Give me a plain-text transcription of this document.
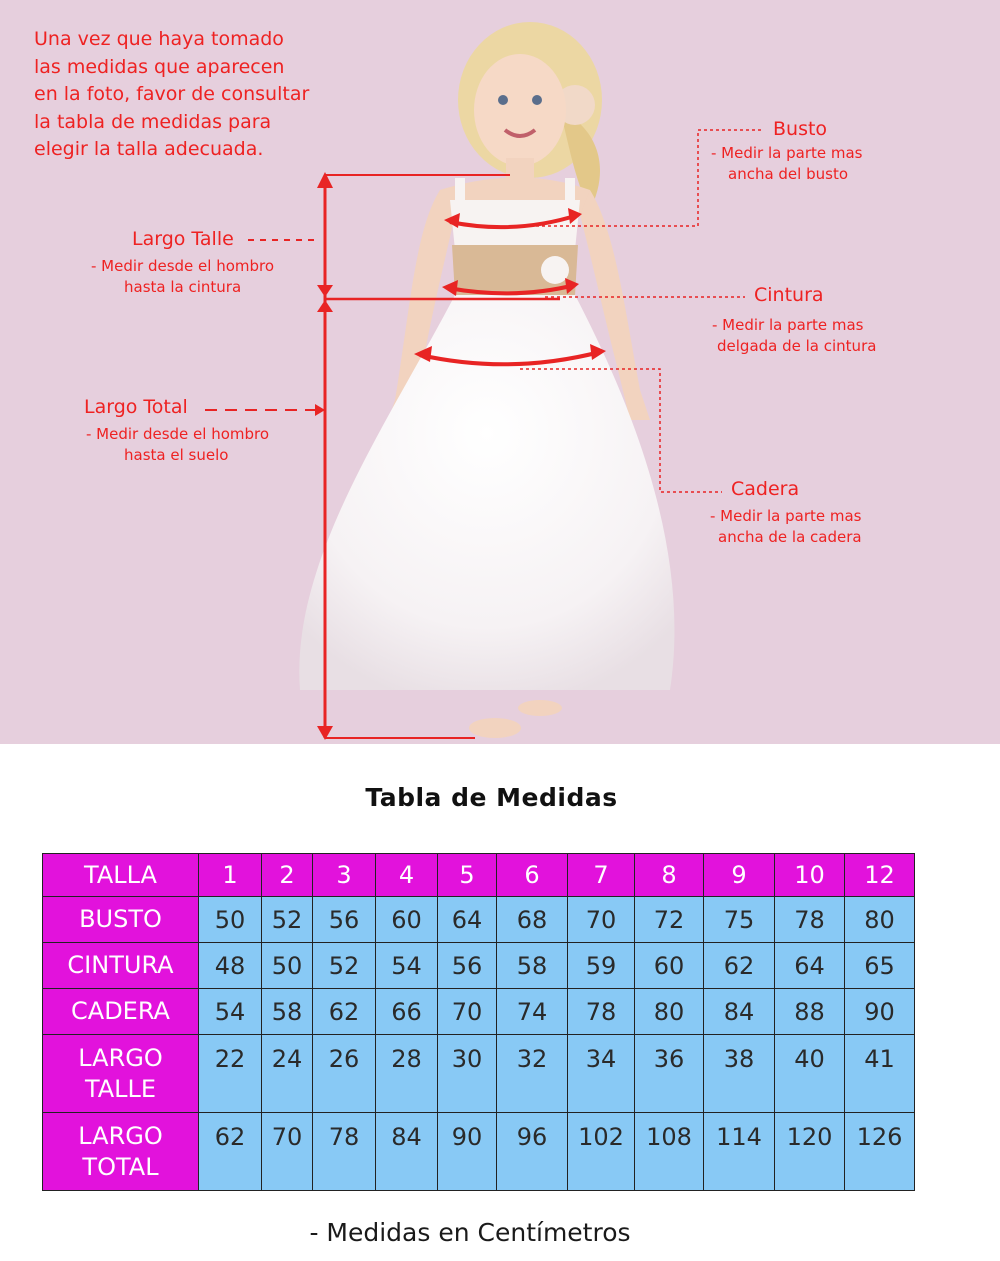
Una vez que haya tomado
las medidas que aparecen
en la foto, favor de consultar
la tabla de medidas para
elegir la talla adecuada.

Busto
- Medir la parte mas
ancha del busto
Largo Talle
- Medir desde el hombro
hasta la cintura	Cintura
- Medir la parte mas
delgada de la cintura
Largo Total
- Medir desde el hombro
hasta el suelo
Cadera
- Medir la parte mas
ancha de la cadera
Tabla de Medidas
TALLA	1	2	3	4	5	6	7	8	9	10	12
BUSTO	50	52	56	60	64	68	70	72	75	78	80
CINTURA	48	50	52	54	56	58	59	60	62	64	65
CADERA	54	58	62	66	70	74	78	80	84	88	90
LARGO
TALLE	22	24	26	28	30	32	34	36	38	40	41
LARGO
TOTAL	62	70	78	84	90	96	102	108	114	120	126
- Medidas en Centímetros
